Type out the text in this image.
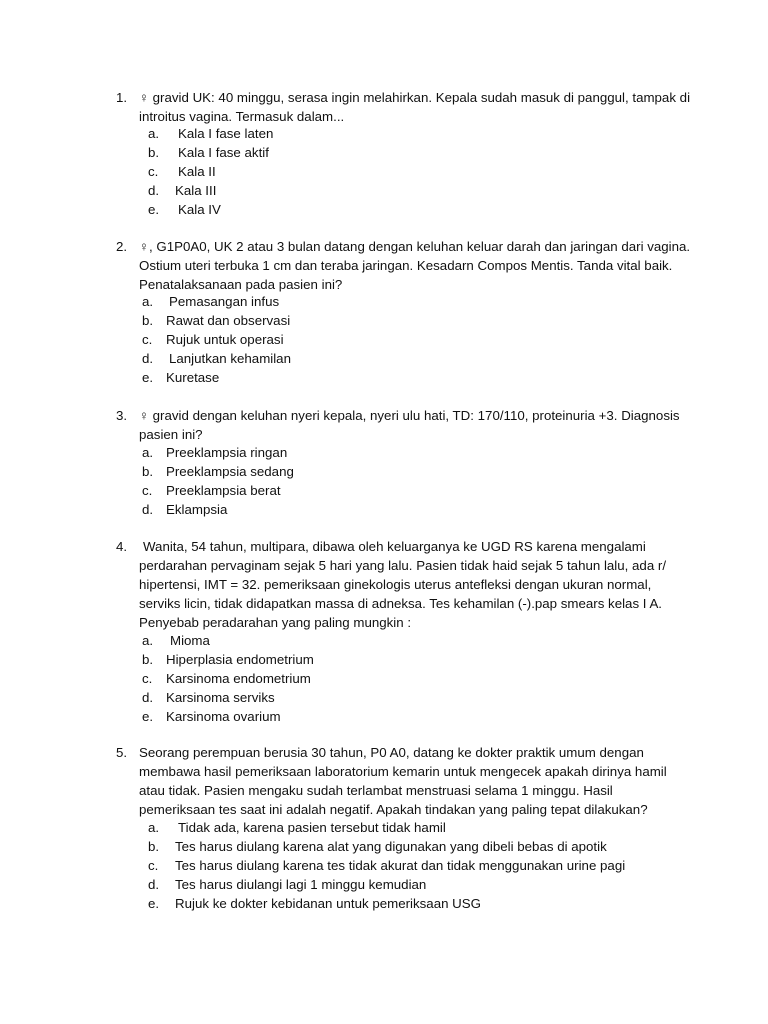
1. ♀ gravid UK: 40 minggu, serasa ingin melahirkan. Kepala sudah masuk di panggul, tampak di
introitus vagina. Termasuk dalam...
a. Kala I fase laten
b. Kala I fase aktif
c. Kala II
d. Kala III
e. Kala IV
2. ♀, G1P0A0, UK 2 atau 3 bulan datang dengan keluhan keluar darah dan jaringan dari vagina.
Ostium uteri terbuka 1 cm dan teraba jaringan. Kesadarn Compos Mentis. Tanda vital baik.
Penatalaksanaan pada pasien ini?
a. Pemasangan infus
b. Rawat dan observasi
c. Rujuk untuk operasi
d. Lanjutkan kehamilan
e. Kuretase
3. ♀ gravid dengan keluhan nyeri kepala, nyeri ulu hati, TD: 170/110, proteinuria +3. Diagnosis
pasien ini?
a. Preeklampsia ringan
b. Preeklampsia sedang
c. Preeklampsia berat
d. Eklampsia
4.	Wanita, 54 tahun, multipara, dibawa oleh keluarganya ke UGD RS karena mengalami
perdarahan pervaginam sejak 5 hari yang lalu. Pasien tidak haid sejak 5 tahun lalu, ada r/
hipertensi, IMT = 32. pemeriksaan ginekologis uterus antefleksi dengan ukuran normal,
serviks licin, tidak didapatkan massa di adneksa. Tes kehamilan (-).pap smears kelas I A.
Penyebab peradarahan yang paling mungkin :
a. Mioma
b. Hiperplasia endometrium
c. Karsinoma endometrium
d. Karsinoma serviks
e. Karsinoma ovarium
5. Seorang perempuan berusia 30 tahun, P0 A0, datang ke dokter praktik umum dengan
membawa hasil pemeriksaan laboratorium kemarin untuk mengecek apakah dirinya hamil
atau tidak. Pasien mengaku sudah terlambat menstruasi selama 1 minggu. Hasil
pemeriksaan tes saat ini adalah negatif. Apakah tindakan yang paling tepat dilakukan?
a. Tidak ada, karena pasien tersebut tidak hamil
b. Tes harus diulang karena alat yang digunakan yang dibeli bebas di apotik
c. Tes harus diulang karena tes tidak akurat dan tidak menggunakan urine pagi
d. Tes harus diulangi lagi 1 minggu kemudian
e. Rujuk ke dokter kebidanan untuk pemeriksaan USG
